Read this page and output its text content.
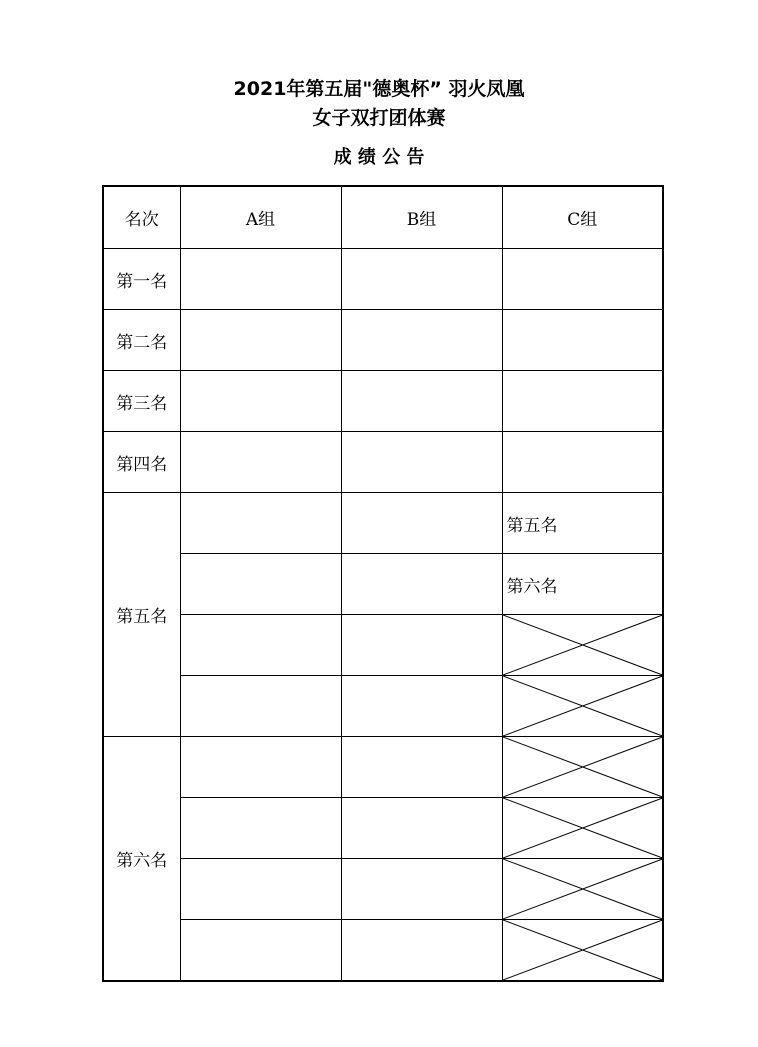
2021年第五届"德奥杯” 羽火凤凰
女子双打团体赛
成 绩 公 告
名次	A组	B组	C组
第一名			
第二名			
第三名			
第四名			
第五名			第五名
			第六名

第六名			
